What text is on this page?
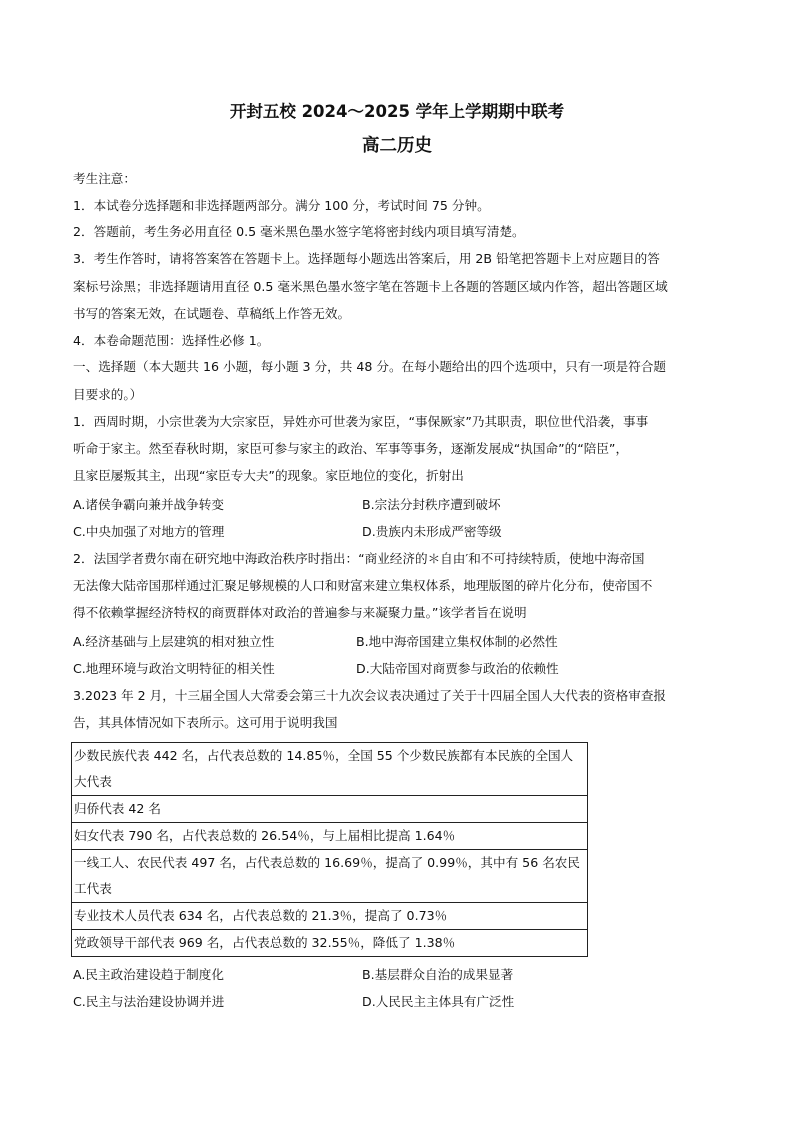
开封五校 2024～2025 学年上学期期中联考
高二历史
考生注意：
1．本试卷分选择题和非选择题两部分。满分 100 分，考试时间 75 分钟。
2．答题前，考生务必用直径 0.5 毫米黑色墨水签字笔将密封线内项目填写清楚。
3．考生作答时，请将答案答在答题卡上。选择题每小题选出答案后，用 2B 铅笔把答题卡上对应题目的答
案标号涂黑；非选择题请用直径 0.5 毫米黑色墨水签字笔在答题卡上各题的答题区域内作答，超出答题区域
书写的答案无效，在试题卷、草稿纸上作答无效。
4．本卷命题范围：选择性必修 1。
一、选择题（本大题共 16 小题，每小题 3 分，共 48 分。在每小题给出的四个选项中，只有一项是符合题
目要求的。）
1．西周时期，小宗世袭为大宗家臣，异姓亦可世袭为家臣，“事保厥家”乃其职责，职位世代沿袭，事事
听命于家主。然至春秋时期，家臣可参与家主的政治、军事等事务，逐渐发展成“执国命”的“陪臣”，
且家臣屡叛其主，出现“家臣专大夫”的现象。家臣地位的变化，折射出
A.诸侯争霸向兼并战争转变	B.宗法分封秩序遭到破坏
C.中央加强了对地方的管理	D.贵族内未形成严密等级
2．法国学者费尔南在研究地中海政治秩序时指出：“商业经济的＊自由′和不可持续特质，使地中海帝国
无法像大陆帝国那样通过汇聚足够规模的人口和财富来建立集权体系，地理版图的碎片化分布，使帝国不
得不依赖掌握经济特权的商贾群体对政治的普遍参与来凝聚力量。”该学者旨在说明
A.经济基础与上层建筑的相对独立性	B.地中海帝国建立集权体制的必然性
C.地理环境与政治文明特征的相关性	D.大陆帝国对商贾参与政治的依赖性
3.2023 年 2 月，十三届全国人大常委会第三十九次会议表决通过了关于十四届全国人大代表的资格审查报
告，其具体情况如下表所示。这可用于说明我国
少数民族代表 442 名，占代表总数的 14.85％，全国 55 个少数民族都有本民族的全国人大代表
归侨代表 42 名
妇女代表 790 名，占代表总数的 26.54％，与上届相比提高 1.64％
一线工人、农民代表 497 名，占代表总数的 16.69％，提高了 0.99％，其中有 56 名农民工代表
专业技术人员代表 634 名，占代表总数的 21.3％，提高了 0.73％
党政领导干部代表 969 名，占代表总数的 32.55％，降低了 1.38％
A.民主政治建设趋于制度化	B.基层群众自治的成果显著
C.民主与法治建设协调并进	D.人民民主主体具有广泛性
